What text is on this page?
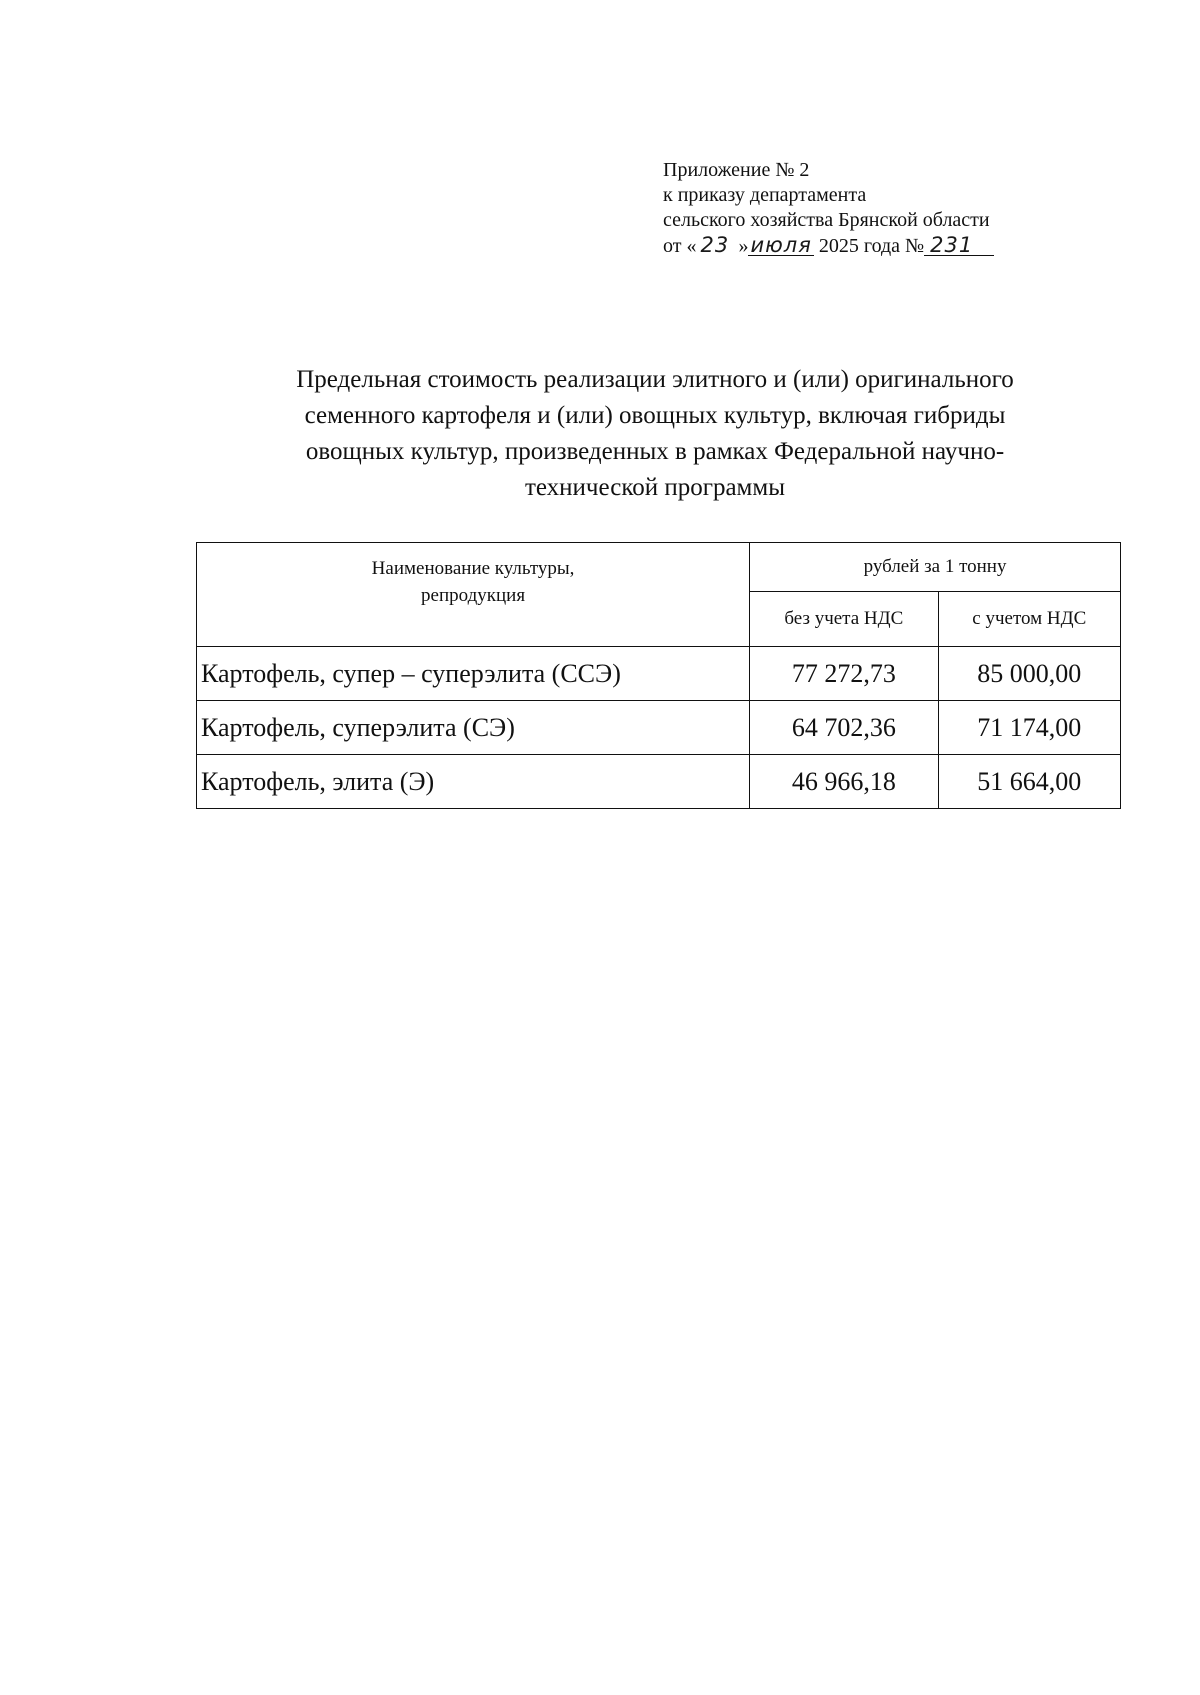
Приложение № 2
к приказу департамента
сельского хозяйства Брянской области
от « 23 »июля 2025 года № 231
Предельная стоимость реализации элитного и (или) оригинального
семенного картофеля и (или) овощных культур, включая гибриды
овощных культур, произведенных в рамках Федеральной научно-
технической программы
Наименование культуры,
репродукция	рублей за 1 тонну	
	без учета НДС	с учетом НДС
Картофель, супер – суперэлита (ССЭ)	77 272,73	85 000,00
Картофель, суперэлита (СЭ)	64 702,36	71 174,00
Картофель, элита (Э)	46 966,18	51 664,00
